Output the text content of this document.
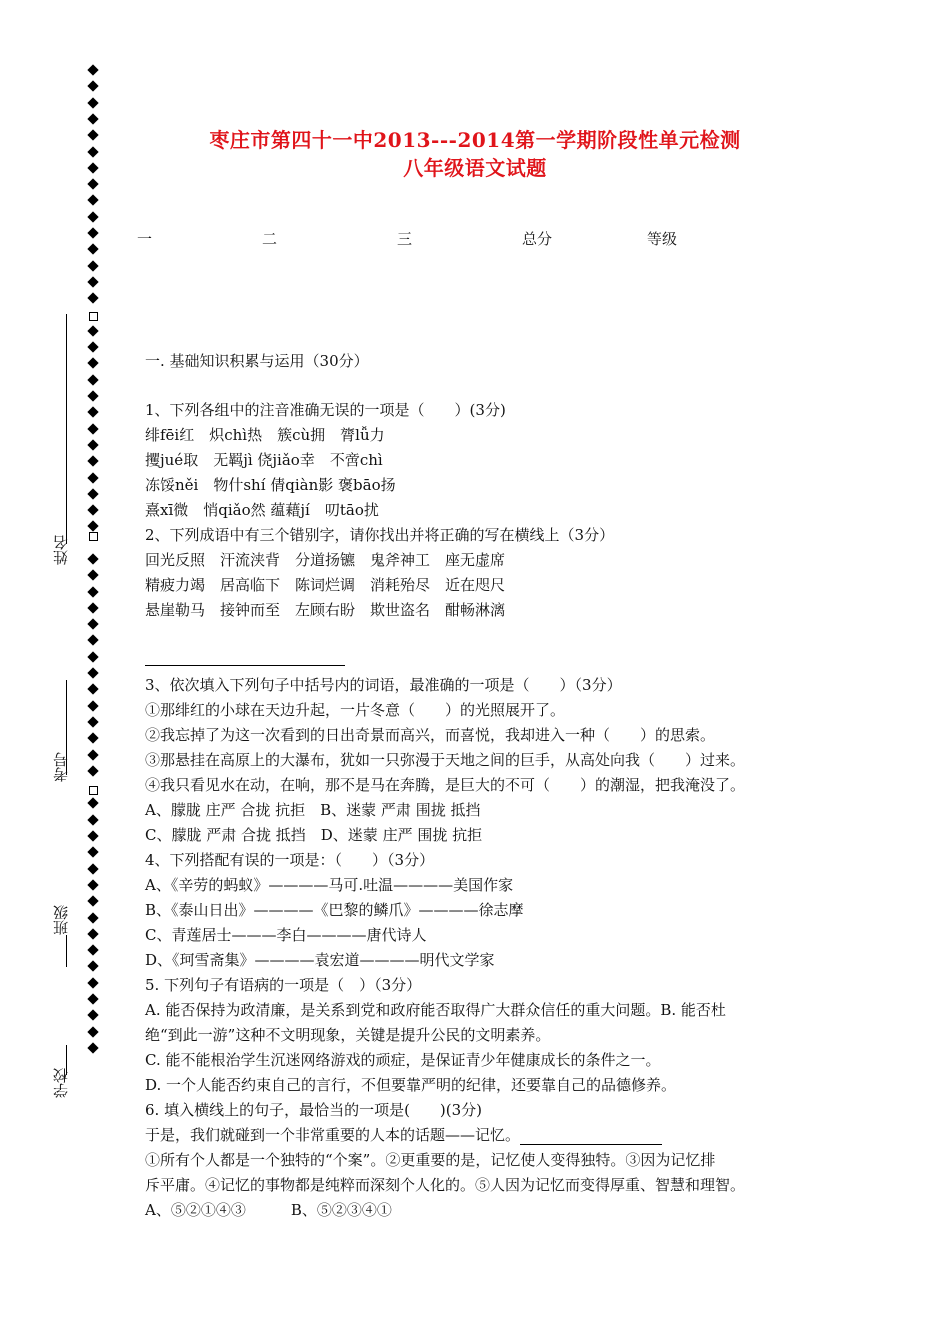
姓名
考号
班级
学校
枣庄市第四十一中2013---2014第一学期阶段性单元检测
八年级语文试题
一	二	三	总分	等级
一. 基础知识积累与运用（30分）
1、下列各组中的注音准确无误的一项是（　　）(3分)
绯fēi红　炽chì热　簇cù拥　膂lǚ力
攫jué取　无羁jì 侥jiǎo幸　不啻chì
冻馁něi　物什shí 倩qiàn影 褒bāo扬
熹xī微　悄qiǎo然 蕴藉jí　叨tāo扰
2、下列成语中有三个错别字，请你找出并将正确的写在横线上（3分）
回光反照　汗流浃背　分道扬镳　鬼斧神工　座无虚席
精疲力竭　居高临下　陈词烂调　消耗殆尽　近在咫尺
悬崖勒马　接钟而至　左顾右盼　欺世盗名　酣畅淋漓
3、依次填入下列句子中括号内的词语，最准确的一项是（　　）（3分）
①那绯红的小球在天边升起，一片冬意（　　）的光照展开了。
②我忘掉了为这一次看到的日出奇景而高兴，而喜悦，我却进入一种（　　）的思索。
③那悬挂在高原上的大瀑布，犹如一只弥漫于天地之间的巨手，从高处向我（　　）过来。
④我只看见水在动，在响，那不是马在奔腾，是巨大的不可（　　）的潮湿，把我淹没了。
A、朦胧 庄严 合拢 抗拒　B、迷蒙 严肃 围拢 抵挡
C、朦胧 严肃 合拢 抵挡　D、迷蒙 庄严 围拢 抗拒
4、下列搭配有误的一项是：（　　）（3分）
A、《辛劳的蚂蚁》————马可.吐温————美国作家
B、《泰山日出》————《巴黎的鳞爪》————徐志摩
C、青莲居士———李白————唐代诗人
D、《珂雪斋集》————袁宏道————明代文学家
5. 下列句子有语病的一项是（　）（3分）
A. 能否保持为政清廉，是关系到党和政府能否取得广大群众信任的重大问题。B. 能否杜
绝“到此一游”这种不文明现象，关键是提升公民的文明素养。
C. 能不能根治学生沉迷网络游戏的顽症，是保证青少年健康成长的条件之一。
D. 一个人能否约束自己的言行，不但要靠严明的纪律，还要靠自己的品德修养。
6. 填入横线上的句子，最恰当的一项是(　　)(3分)
于是，我们就碰到一个非常重要的人本的话题——记忆。
①所有个人都是一个独特的“个案”。②更重要的是，记忆使人变得独特。③因为记忆排
斥平庸。④记忆的事物都是纯粹而深刻个人化的。⑤人因为记忆而变得厚重、智慧和理智。
A、⑤②①④③　　　B、⑤②③④①
